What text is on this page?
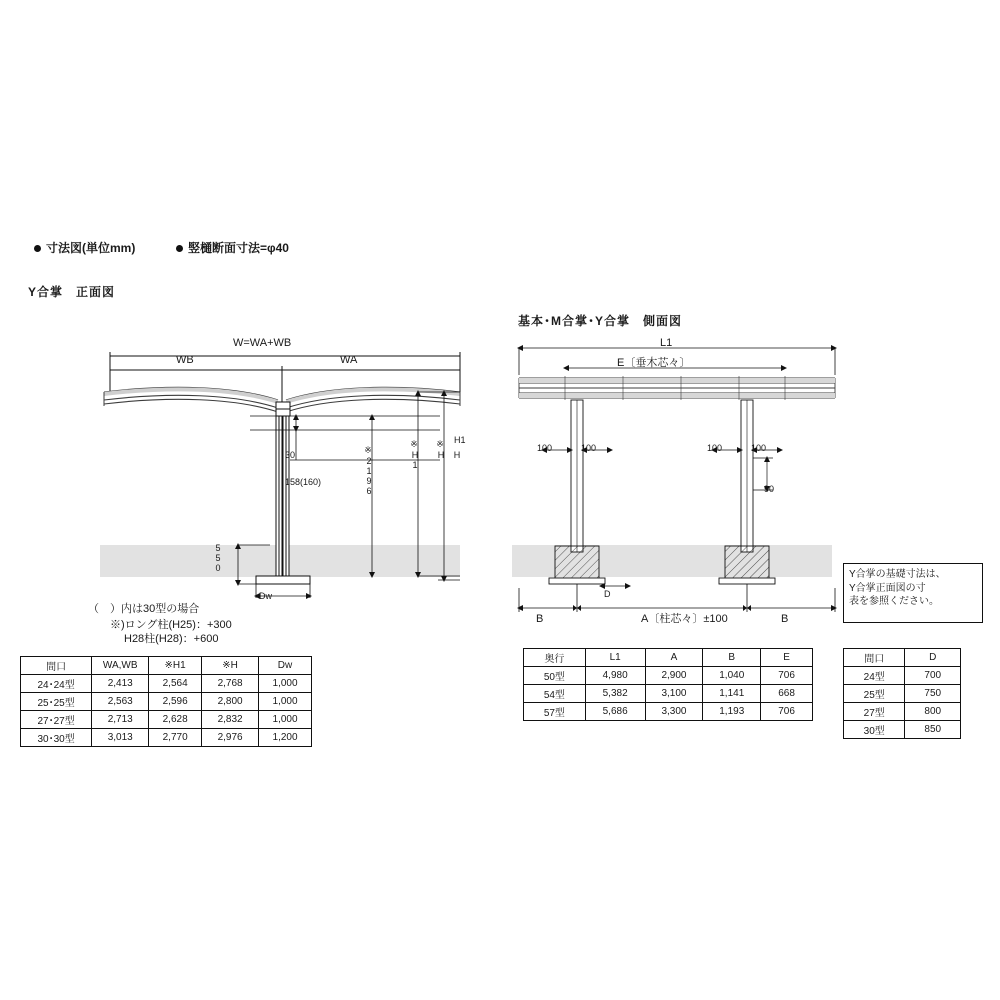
寸法図(単位mm)	竪樋断面寸法=φ40
Y合掌　正面図
W=WA+WB
WB	WA
30
158(160)	※2196	※H1 ※H H1
H
550
Dw
（　）内は30型の場合
※)ロング柱(H25)：+300
H28柱(H28)：+600
基本･M合掌･Y合掌　側面図
L1
E〔垂木芯々〕
100	100	100	100
90
D
B	A〔柱芯々〕±100	B
Y合掌の基礎寸法は、
Y合掌正面図の寸
表を参照ください。
間口	WA,WB	※H1	※H	Dw
24･24型	2,413	2,564	2,768	1,000
25･25型	2,563	2,596	2,800	1,000
27･27型	2,713	2,628	2,832	1,000
30･30型	3,013	2,770	2,976	1,200
奥行	L1	A	B	E
50型	4,980	2,900	1,040	706
54型	5,382	3,100	1,141	668
57型	5,686	3,300	1,193	706
間口	D
24型	700
25型	750
27型	800
30型	850
